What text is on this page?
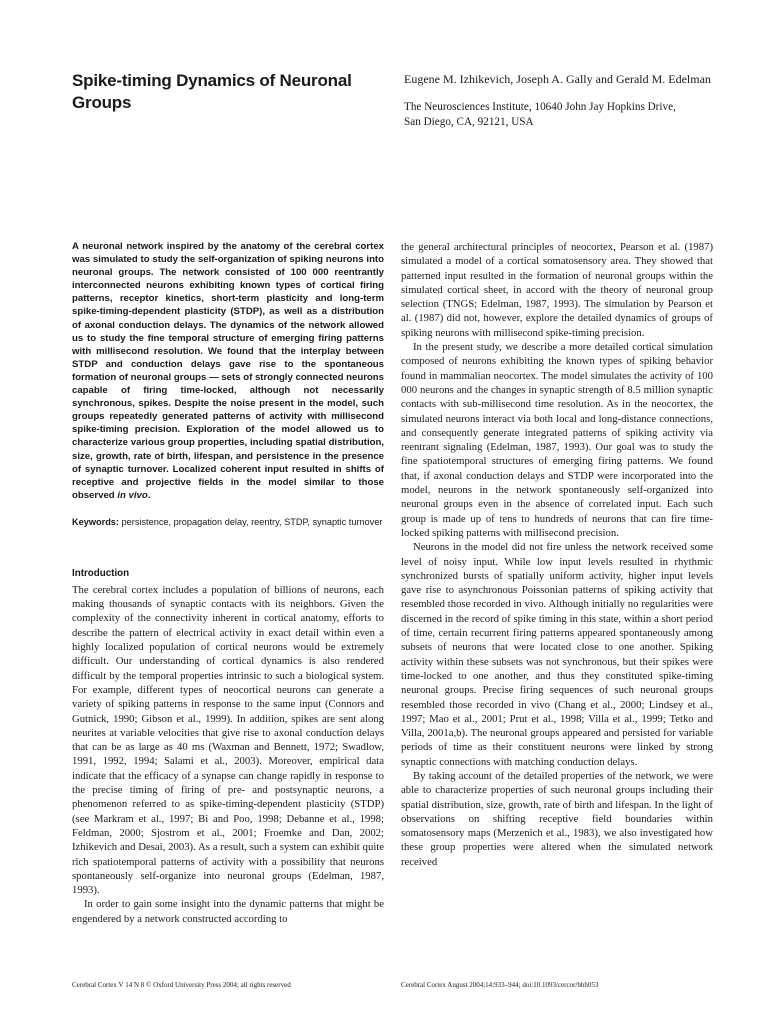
Spike-timing Dynamics of Neuronal Groups
Eugene M. Izhikevich, Joseph A. Gally and Gerald M. Edelman
The Neurosciences Institute, 10640 John Jay Hopkins Drive,
San Diego, CA, 92121, USA

A neuronal network inspired by the anatomy of the cerebral cortex was simulated to study the self-organization of spiking neurons into neuronal groups. The network consisted of 100 000 reentrantly interconnected neurons exhibiting known types of cortical firing patterns, receptor kinetics, short-term plasticity and long-term spike-timing-dependent plasticity (STDP), as well as a distribution of axonal conduction delays. The dynamics of the network allowed us to study the fine temporal structure of emerging firing patterns with millisecond resolution. We found that the interplay between STDP and conduction delays gave rise to the spontaneous formation of neuronal groups — sets of strongly connected neurons capable of firing time-locked, although not necessarily synchronous, spikes. Despite the noise present in the model, such groups repeatedly generated patterns of activity with millisecond spike-timing precision. Exploration of the model allowed us to characterize various group properties, including spatial distribution, size, growth, rate of birth, lifespan, and persistence in the presence of synaptic turnover. Localized coherent input resulted in shifts of receptive and projective fields in the model similar to those observed in vivo.

Keywords: persistence, propagation delay, reentry, STDP, synaptic turnover
Introduction

The cerebral cortex includes a population of billions of neurons, each making thousands of synaptic contacts with its neighbors. Given the complexity of the connectivity inherent in cortical anatomy, efforts to describe the pattern of electrical activity in exact detail within even a highly localized population of cortical neurons would be extremely difficult. Our understanding of cortical dynamics is also rendered difficult by the temporal properties intrinsic to such a biological system. For example, different types of neocortical neurons can generate a variety of spiking patterns in response to the same input (Connors and Gutnick, 1990; Gibson et al., 1999). In addition, spikes are sent along neurites at variable velocities that give rise to axonal conduction delays that can be as large as 40 ms (Waxman and Bennett, 1972; Swadlow, 1991, 1992, 1994; Salami et al., 2003). Moreover, empirical data indicate that the efficacy of a synapse can change rapidly in response to the precise timing of firing of pre- and postsynaptic neurons, a phenomenon referred to as spike-timing-dependent plasticity (STDP) (see Markram et al., 1997; Bi and Poo, 1998; Debanne et al., 1998; Feldman, 2000; Sjostrom et al., 2001; Froemke and Dan, 2002; Izhikevich and Desai, 2003). As a result, such a system can exhibit quite rich spatiotemporal patterns of activity with a possibility that neurons spontaneously self-organize into neuronal groups (Edelman, 1987, 1993).

In order to gain some insight into the dynamic patterns that might be engendered by a network constructed according to

the general architectural principles of neocortex, Pearson et al. (1987) simulated a model of a cortical somatosensory area. They showed that patterned input resulted in the formation of neuronal groups within the simulated cortical sheet, in accord with the theory of neuronal group selection (TNGS; Edelman, 1987, 1993). The simulation by Pearson et al. (1987) did not, however, explore the detailed dynamics of groups of spiking neurons with millisecond spike-timing precision.

In the present study, we describe a more detailed cortical simulation composed of neurons exhibiting the known types of spiking behavior found in mammalian neocortex. The model simulates the activity of 100 000 neurons and the changes in synaptic strength of 8.5 million synaptic contacts with sub-millisecond time resolution. As in the neocortex, the simulated neurons interact via both local and long-distance connections, and consequently generate integrated patterns of spiking activity via reentrant signaling (Edelman, 1987, 1993). Our goal was to study the fine spatiotemporal structures of emerging firing patterns. We found that, if axonal conduction delays and STDP were incorporated into the model, neurons in the network spontaneously self-organized into neuronal groups even in the absence of correlated input. Each such group is made up of tens to hundreds of neurons that can fire time-locked spiking patterns with millisecond precision.

Neurons in the model did not fire unless the network received some level of noisy input. While low input levels resulted in rhythmic synchronized bursts of spatially uniform activity, higher input levels gave rise to asynchronous Poissonian patterns of spiking activity that resembled those recorded in vivo. Although initially no regularities were discerned in the record of spike timing in this state, within a short period of time, certain recurrent firing patterns appeared spontaneously among subsets of neurons that were located close to one another. Spiking activity within these subsets was not synchronous, but their spikes were time-locked to one another, and thus they constituted spike-timing neuronal groups. Precise firing sequences of such neuronal groups resembled those recorded in vivo (Chang et al., 2000; Lindsey et al., 1997; Mao et al., 2001; Prut et al., 1998; Villa et al., 1999; Tetko and Villa, 2001a,b). The neuronal groups appeared and persisted for variable periods of time as their constituent neurons were linked by strong synaptic connections with matching conduction delays.

By taking account of the detailed properties of the network, we were able to characterize properties of such neuronal groups including their spatial distribution, size, growth, rate of birth and lifespan. In the light of observations on shifting receptive field boundaries within somatosensory maps (Merzenich et al., 1983), we also investigated how these group properties were altered when the simulated network received

Cerebral Cortex V 14 N 8 © Oxford University Press 2004; all rights reserved	Cerebral Cortex August 2004;14:933–944; doi:10.1093/cercor/bhh053
